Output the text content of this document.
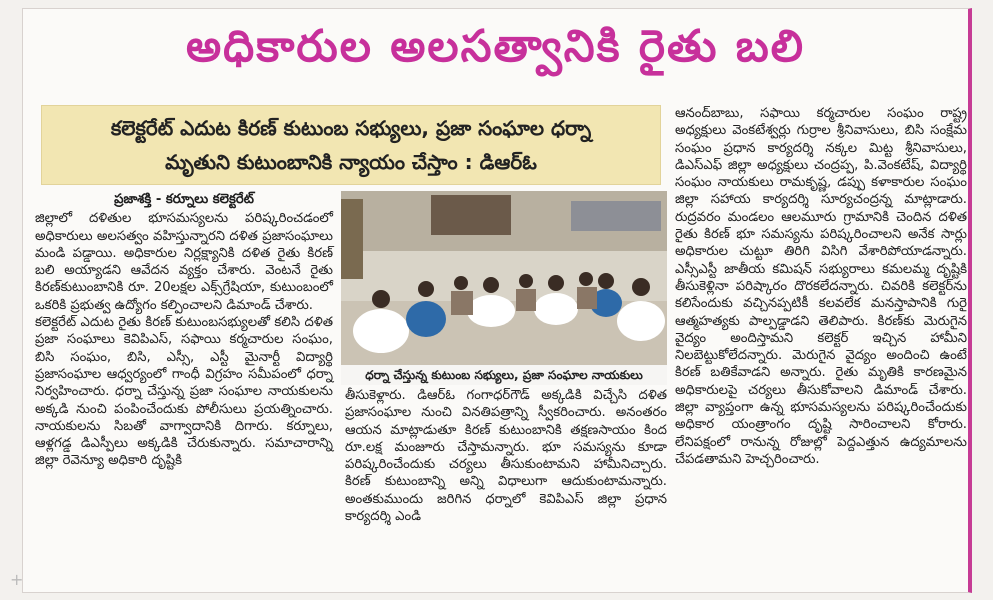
అధికారుల అలసత్వానికి రైతు బలి
కలెక్టరేట్ ఎదుట కిరణ్ కుటుంబ సభ్యులు, ప్రజా సంఘాల ధర్నా
మృతుని కుటుంబానికి న్యాయం చేస్తాం : డిఆర్‌ఓ
ప్రజాశక్తి - కర్నూలు కలెక్టరేట్

జిల్లాలో దళితుల భూసమస్యలను పరిష్కరించడంలో అధికారులు అలసత్వం వహిస్తున్నారని దళిత ప్రజాసంఘాలు మండి పడ్డాయి. అధికారుల నిర్లక్ష్యానికి దళిత రైతు కిరణ్ బలి అయ్యాడని ఆవేదన వ్యక్తం చేశారు. వెంటనే రైతు కిరణ్‌కుటుంబానికి రూ. 20లక్షల ఎక్స్‌గ్రేషియా, కుటుంబంలో ఒకరికి ప్రభుత్వ ఉద్యోగం కల్పించాలని డిమాండ్ చేశారు.

కలెక్టరేట్ ఎదుట రైతు కిరణ్ కుటుంబసభ్యులతో కలిసి దళిత ప్రజా సంఘాలు కెవిపిఎస్, సఫాయి కర్మచారుల సంఘం, బిసి సంఘం, బిసి, ఎస్సీ, ఎస్టీ మైనార్టీ విద్యార్థి ప్రజాసంఘాల ఆధ్వర్యంలో గాంధీ విగ్రహం సమీపంలో ధర్నా నిర్వహించారు. ధర్నా చేస్తున్న ప్రజా సంఘాల నాయకులను అక్కడి నుంచి పంపించేందుకు పోలీసులు ప్రయత్నించారు. నాయకులను సిబతో వాగ్వాదానికి దిగారు. కర్నూలు, ఆళ్లగడ్డ డిఎస్పీలు అక్కడికి చేరుకున్నారు. సమాచారాన్ని జిల్లా రెవెన్యూ అధికారి దృష్టికి

ధర్నా చేస్తున్న కుటుంబ సభ్యులు, ప్రజా సంఘాల నాయకులు

తీసుకెళ్లారు. డిఆర్‌ఓ గంగాధర్‌గౌడ్ అక్కడికి విచ్చేసి దళిత ప్రజాసంఘాల నుంచి వినతిపత్రాన్ని స్వీకరించారు. అనంతరం ఆయన మాట్లాడుతూ కిరణ్ కుటుంబానికి తక్షణసాయం కింద రూ.లక్ష మంజూరు చేస్తామన్నారు. భూ సమస్యను కూడా పరిష్కరించేందుకు చర్యలు తీసుకుంటామని హామీనిచ్చారు. కిరణ్ కుటుంబాన్ని అన్ని విధాలుగా ఆదుకుంటామన్నారు. అంతకుముందు జరిగిన ధర్నాలో కెవిపిఎస్ జిల్లా ప్రధాన కార్యదర్శి ఎండి

ఆనంద్‌బాబు, సఫాయి కర్మచారుల సంఘం రాష్ట్ర అధ్యక్షులు వెంకటేశ్వర్లు గుర్రాల శ్రీనివాసులు, బిసి సంక్షేమ సంఘం ప్రధాన కార్యదర్శి నక్కల మిట్ట శ్రీనివాసులు, డిఎస్‌ఎఫ్ జిల్లా అధ్యక్షులు చంద్రప్ప, పి.వెంకటేష్, విద్యార్థి సంఘం నాయకులు రామకృష్ణ, డప్పు కళాకారుల సంఘం జిల్లా సహాయ కార్యదర్శి సూర్యచంద్రన్న మాట్లాడారు. రుద్రవరం మండలం ఆలమూరు గ్రామానికి చెందిన దళిత రైతు కిరణ్ భూ సమస్యను పరిష్కరించాలని అనేక సార్లు అధికారుల చుట్టూ తిరిగి విసిగి వేశారిపోయాడన్నారు. ఎస్సీఎస్టీ జాతీయ కమిషన్ సభ్యురాలు కమలమ్మ దృష్టికి తీసుకెళ్లినా పరిష్కారం దొరకలేదన్నారు. చివరికి కలెక్టర్‌ను కలిసేందుకు వచ్చినప్పటికీ కలవలేక మనస్తాపానికి గురై ఆత్మహత్యకు పాల్పడ్డాడని తెలిపారు. కిరణ్‌కు మెరుగైన వైద్యం అందిస్తామని కలెక్టర్ ఇచ్చిన హామీని నిలబెట్టుకోలేదన్నారు. మెరుగైన వైద్యం అందించి ఉంటే కిరణ్ బతికేవాడని అన్నారు. రైతు మృతికి కారణమైన అధికారులపై చర్యలు తీసుకోవాలని డిమాండ్ చేశారు. జిల్లా వ్యాప్తంగా ఉన్న భూసమస్యలను పరిష్కరించేందుకు అధికార యంత్రాంగం దృష్టి సారించాలని కోరారు. లేనిపక్షంలో రానున్న రోజుల్లో పెద్దఎత్తున ఉద్యమాలను చేపడతామని హెచ్చరించారు.

+
